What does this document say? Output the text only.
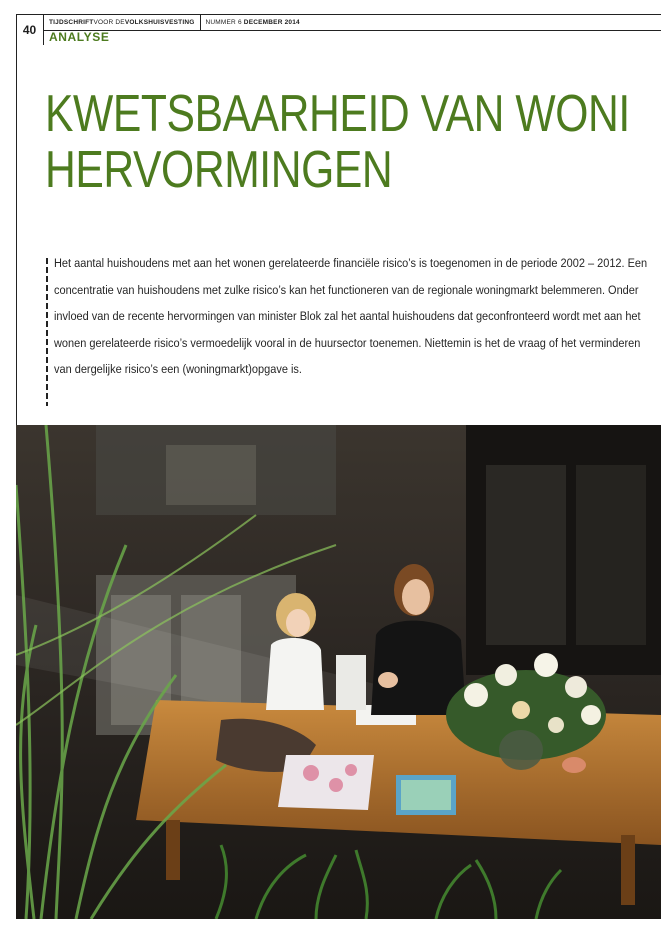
40
TIJDSCHRIFT VOOR DE VOLKSHUISVESTING NUMMER 6
DECEMBER 2014
ANALYSE
KWETSBAARHEID VAN WONI
HERVORMINGEN

Het aantal huishoudens met aan het wonen gerelateerde financiële risico’s is toegenomen in de periode 2002 – 2012. Een concentratie van huishoudens met zulke risico’s kan het functioneren van de regionale woningmarkt belemmeren. Onder invloed van de recente hervormingen van minister Blok zal het aantal huishoudens dat geconfronteerd wordt met aan het wonen gerelateerde risico’s vermoedelijk vooral in de huursector toenemen. Niettemin is het de vraag of het verminderen van dergelijke risico’s een (woningmarkt)opgave is.
